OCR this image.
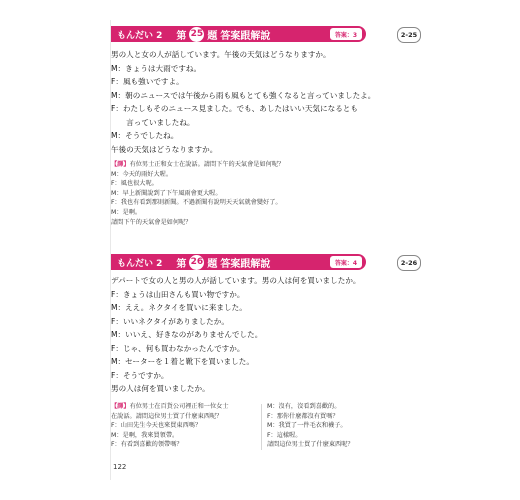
もんだい 2 第 25 題 答案跟解說	答案：3	2-25
男の人と女の人が話しています。午後の天気はどうなりますか。
M：きょうは大雨ですね。
F：風も強いですよ。
M：朝のニュースでは午後から雨も風もとても強くなると言っていましたよ。
F：わたしもそのニュース見ました。でも、あしたはいい天気になるとも
　　言っていましたね。
M：そうでしたね。
午後の天気はどうなりますか。
【譯】有位男士正和女士在說話。請問下午的天氣會是如何呢？
M：今天的雨好大喔。
F：風也很大呢。
M：早上新聞說到了下午風雨會更大喔。
F：我也有看到那則新聞。不過新聞有說明天天氣就會變好了。
M：是啊。
請問下午的天氣會是如何呢？
もんだい 2 第 26 題 答案跟解說	答案：4	2-26
デパートで女の人と男の人が話しています。男の人は何を買いましたか。
F：きょうは山田さんも買い物ですか。
M：ええ。ネクタイを買いに来ました。
F：いいネクタイがありましたか。
M：いいえ、好きなのがありませんでした。
F：じゃ、何も買わなかったんですか。
M：セーターを１着と靴下を買いました。
F：そうですか。
男の人は何を買いましたか。
【譯】有位男士在百貨公司裡正和一位女士
在說話。請問這位男士買了什麼東西呢？
F：山田先生今天也來買東西嗎？
M：是啊，我來買領帶。
F：有看到喜歡的領帶嗎？
M：沒有，沒看到喜歡的。
F：那你什麼都沒有買嗎？
M：我買了一件毛衣和襪子。
F：這樣喔。
請問這位男士買了什麼東西呢？
122
